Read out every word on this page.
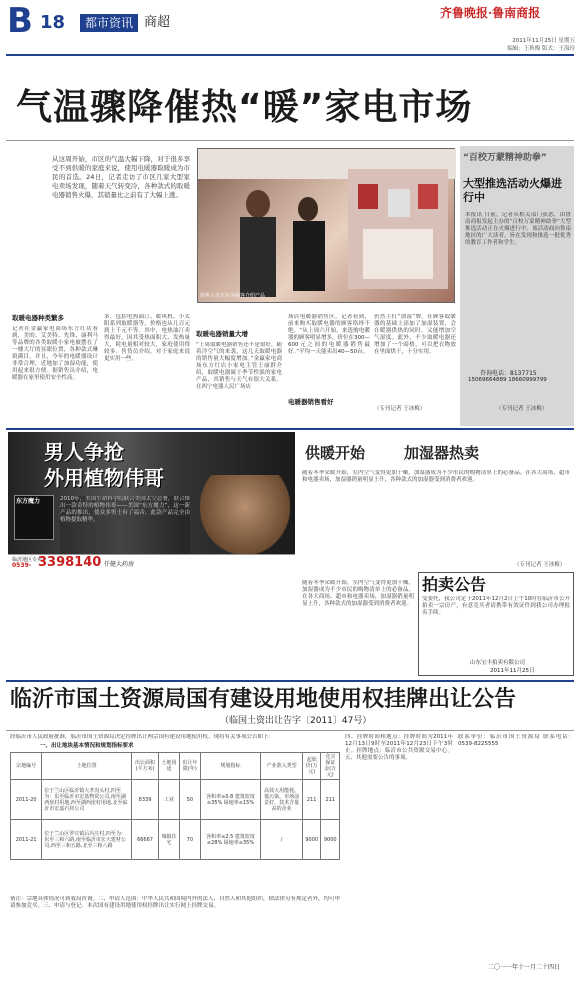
B 18	都市资讯 商超
齐鲁晚报·鲁南商报
2011年11月25日 星期五
编辑：王秋梅 版式：王海玲
气温骤降催热“暖”家电市场
从这周开始，市区的气温大幅下降，对于很多享受不到供暖的家庭来说，使用电暖器取暖成为市民的首选。24日，记者走访了市区几家大型家电卖场发现，随着天气转变冷，各种款式的取暖电器销售火爆，其销量比之前有了大幅上涨。
销售人员正在为顾客介绍产品
取暖电器种类繁多
记者在金赢家电商场东方红店看到，美的、艾美特、先锋、康利马等品牌的各类取暖小家电被摆在了一楼大厅的显眼位置，各种款式琳琅满目，并且，今年的电暖器设计非常合理，近地加了加湿功能，使用起来很方便。据销售员介绍，电暖器在家里使用安全性高。
多，包括电热油汀、暖风机、小太阳系列取暖器等，价格也从几百元到上千元不等。其中，电热油汀卖得最好，因其受热面积大、发热量大，耗电量相对较大，家庭使用得较多。售货员介绍，对于家庭来说更实用一些。
取暖电器销量大增
“上周取暖电器销售还不是很好，随着冷空气的来袭，这几天取暖电器的销售量大幅度增加。”金赢家电商场东方红店小家电主管王丽群介绍，取暖电器属于季节性强的家电产品，其销售与天气有很大关系。在西宁电器人民广场店
场店电暖器销售区，记者看到，前来购买取暖电器的顾客络绎不绝。“从上周六开始，来选购电暖器的顾客明显增多，价位在300—600元之间的电暖器销售最好。”平均一天能卖出40—50台。
电暖器销售看好
仍然主打“加湿”牌。在顾客取暖器的基础上添加了加湿装置，会在暖器供热的同时，又能增加空气湿度。此外，不少取暖电器还增加了一个暗格，可以把衣物放在里面烘干，十分实用。
（专刊记者 王冰梅）
“百校万蒙精神助拳”
大型推选活动火爆进行中
本报讯 日前，记者从相关部门获悉，由鲁南商报发起主办的“百校万蒙精神助拳”大型推选活动正在火爆进行中。该活动面向鲁南地区的广大读者，旨在发现和推选一批优秀的教育工作者和学生。
咨询电话：8137715
15069664889 18660999799
（专刊记者 王冰梅）
男人争抢
外用植物伟哥
东方魔力	2010年，美国生命科学院联合美国太空总署，联合推出一款奇特的植物伟哥——美国“东方魔力”，这一新产品的推出，使众多男士有了福音。此款产品完全由植物提取精华。
临沂地区专卖
0539- 3398140 仟健大药房
供暖开始	加湿器热卖
随着冬季采暖开始，室内空气变得更加干燥，加湿器成为不少市民的购物清单上的必备品。在各大商场、超市和电器卖场，加湿器销量明显上升，各种款式的加湿器受到消费者欢迎。
（专刊记者 王冰梅）
拍卖公告
受委托，我公司定于2011年12月2日上午10时在临沂市公开拍卖一宗房产，有意竞买者请携带有效证件到我公司办理报名手续。
山东宝丰拍卖有限公司
2011年11月25日
随着冬季采暖开始，室内空气变得更加干燥，加湿器成为不少市民的购物清单上的必备品。在各大商场、超市和电器卖场，加湿器销量明显上升，各种款式的加湿器受到消费者欢迎。
临沂市国土资源局国有建设用地使用权挂牌出让公告
（临国土资出让告字〔2011〕47号）
经临沂市人民政府批准，临沂市国土资源局决定挂牌出让两宗国有建设用地使用权。现将有关事项公告如下：
一、出让地块基本情况和规划指标要求
宗地编号	土地位置	出让面积(平方米)	土地用途	出让年限(年)	规划指标	产业准入类型	起始价(万元)	竞买保证金(万元)
2011-20	位于兰山区临沂镇大孝沟头村,四至为：东至临沂市宏基物资公司,南至湖西崖村用地,西至湖西崖村用地,北至临沂市宏嘉石材公司	8339	工业	50	容积率≥0.8 建筑密度≥35% 绿地率≤15%	高效大用能耗、低污染，市场前景好、技术含量高的企业	211	211
2011-21	位于兰山区罗庄镇后冯庄村,四至为：东至三和六路,南至临沂市宏大建材公司,西至三和五路,北至三和八路	66667	城镇住宅	70	容积率≤2.5 建筑密度≤28% 绿地率≥35%	/	9000	9000
备注：宗地具体情况可到我局咨询。二、申请人范围：中华人民共和国境内外的法人、自然人和其他组织，除法律另有规定者外，均可申请参加竞买。三、申请与登记：本次国有建设用地使用权挂牌出让实行网上挂牌交易。
四、挂牌时间和地点：挂牌时间为2011年12月13日9时至2011年12月23日下午3时止。挂牌地点：临沂市公共资源交易中心。五、其他需要公告的事项。
联系单位：临沂市国土资源局 联系电话：0539-8225555
二〇一一年十一月二十四日
